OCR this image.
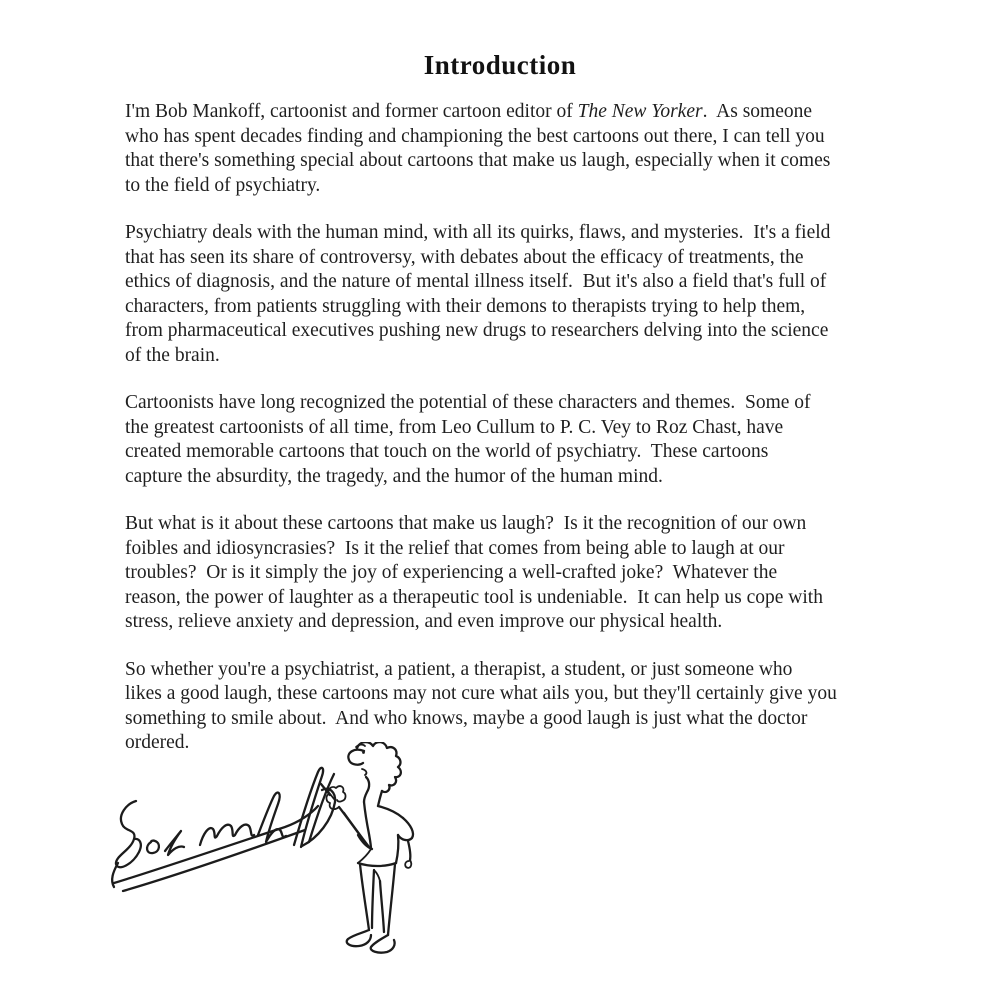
Introduction

I'm Bob Mankoff, cartoonist and former cartoon editor of The New Yorker.  As someone
who has spent decades finding and championing the best cartoons out there, I can tell you
that there's something special about cartoons that make us laugh, especially when it comes
to the field of psychiatry.

Psychiatry deals with the human mind, with all its quirks, flaws, and mysteries.  It's a field
that has seen its share of controversy, with debates about the efficacy of treatments, the
ethics of diagnosis, and the nature of mental illness itself.  But it's also a field that's full of
characters, from patients struggling with their demons to therapists trying to help them,
from pharmaceutical executives pushing new drugs to researchers delving into the science
of the brain.

Cartoonists have long recognized the potential of these characters and themes.  Some of
the greatest cartoonists of all time, from Leo Cullum to P. C. Vey to Roz Chast, have
created memorable cartoons that touch on the world of psychiatry.  These cartoons
capture the absurdity, the tragedy, and the humor of the human mind.

But what is it about these cartoons that make us laugh?  Is it the recognition of our own
foibles and idiosyncrasies?  Is it the relief that comes from being able to laugh at our
troubles?  Or is it simply the joy of experiencing a well-crafted joke?  Whatever the
reason, the power of laughter as a therapeutic tool is undeniable.  It can help us cope with
stress, relieve anxiety and depression, and even improve our physical health.

So whether you're a psychiatrist, a patient, a therapist, a student, or just someone who
likes a good laugh, these cartoons may not cure what ails you, but they'll certainly give you
something to smile about.  And who knows, maybe a good laugh is just what the doctor
ordered.
